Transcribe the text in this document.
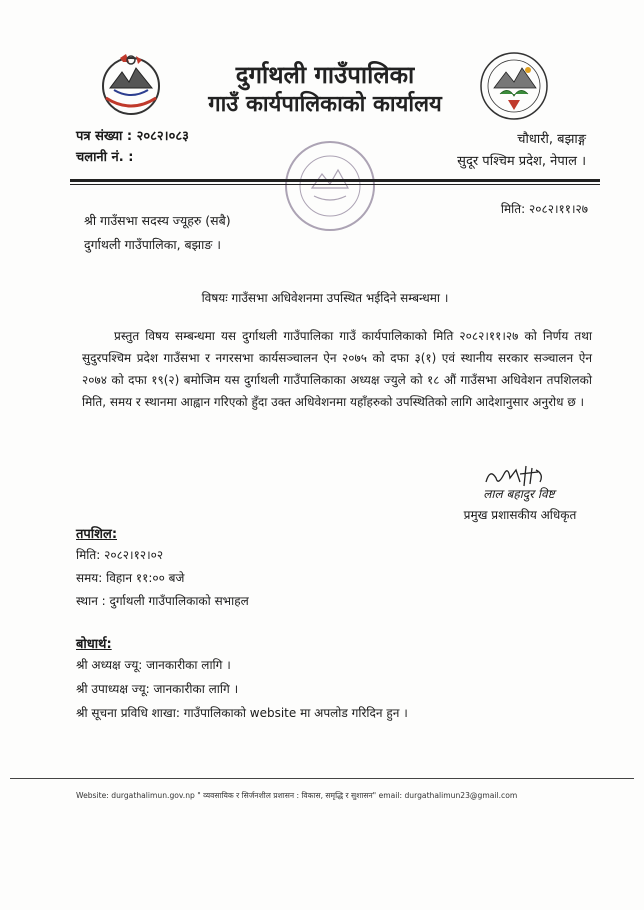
दुर्गाथली गाउँपालिका
गाउँ कार्यपालिकाको कार्यालय
पत्र संख्या : २०८२।०८३
चलानी नं. :
चौधारी, बझाङ्ग
सुदूर पश्चिम प्रदेश, नेपाल ।
मिति: २०८२।११।२७
श्री गाउँसभा सदस्य ज्यूहरु (सबै)
दुर्गाथली गाउँपालिका, बझाङ ।
विषयः गाउँसभा अधिवेशनमा उपस्थित भईदिने सम्बन्धमा ।
प्रस्तुत विषय सम्बन्धमा यस दुर्गाथली गाउँपालिका गाउँ कार्यपालिकाको मिति २०८२।११।२७ को निर्णय तथा सुदुरपश्चिम प्रदेश गाउँसभा र नगरसभा कार्यसञ्चालन ऐन २०७५ को दफा ३(१) एवं स्थानीय सरकार सञ्चालन ऐन २०७४ को दफा १९(२) बमोजिम यस दुर्गाथली गाउँपालिकाका अध्यक्ष ज्युले को १८ औं गाउँसभा अधिवेशन तपशिलको मिति, समय र स्थानमा आह्वान गरिएको हुँदा उक्त अधिवेशनमा यहाँहरुको उपस्थितिको लागि आदेशानुसार अनुरोध छ ।
लाल बहादुर विष्ट
प्रमुख प्रशासकीय अधिकृत
तपशिल:
मिति: २०८२।१२।०२
समय: विहान ११:०० बजे
स्थान : दुर्गाथली गाउँपालिकाको सभाहल
बोधार्थ:
श्री अध्यक्ष ज्यू: जानकारीका लागि ।
श्री उपाध्यक्ष ज्यू: जानकारीका लागि ।
श्री सूचना प्रविधि शाखा: गाउँपालिकाको website मा अपलोड गरिदिन हुन ।
Website: durgathalimun.gov.np " व्यवसायिक र सिर्जनशील प्रशासन : विकास, समृद्धि र सुशासन" email: durgathalimun23@gmail.com
